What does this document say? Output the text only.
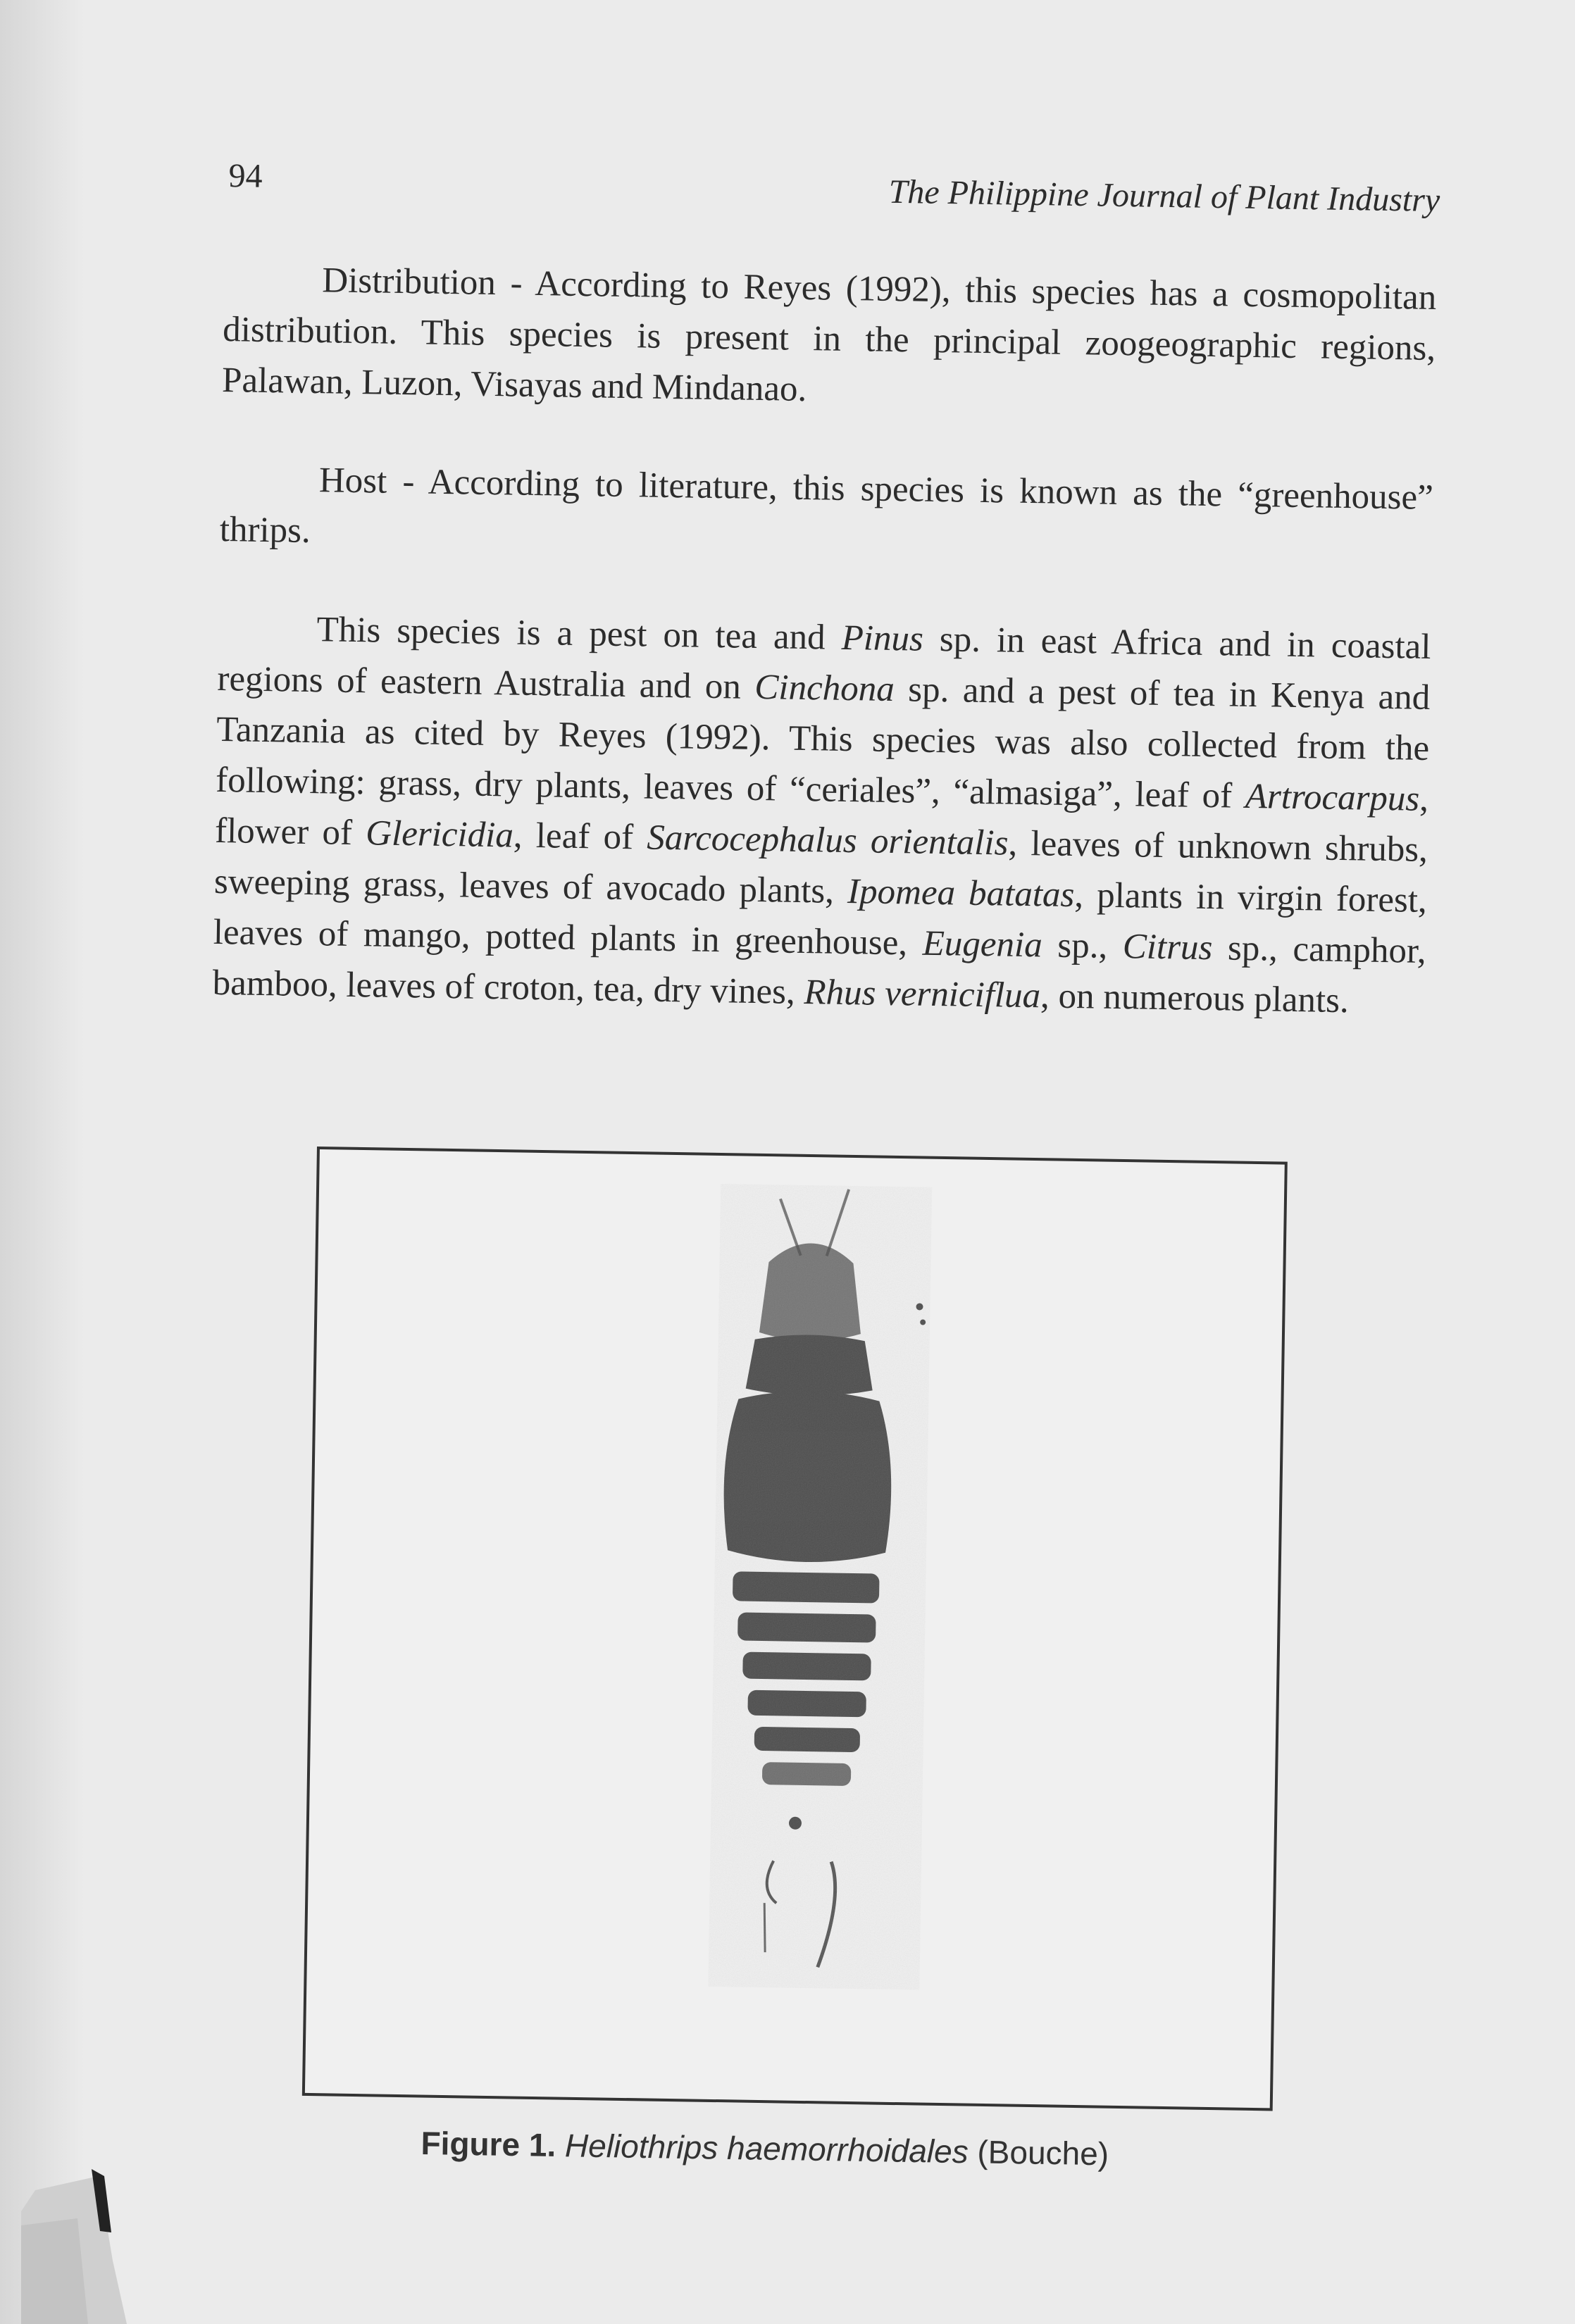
94	The Philippine Journal of Plant Industry

Distribution - According to Reyes (1992), this species has a cosmopolitan distribution. This species is present in the principal zoogeographic regions, Palawan, Luzon, Visayas and Mindanao.

Host - According to literature, this species is known as the “greenhouse” thrips.

This species is a pest on tea and Pinus sp. in east Africa and in coastal regions of eastern Australia and on Cinchona sp. and a pest of tea in Kenya and Tanzania as cited by Reyes (1992). This species was also collected from the following: grass, dry plants, leaves of “ceriales”, “almasiga”, leaf of Artrocarpus, flower of Glericidia, leaf of Sarcocephalus orientalis, leaves of unknown shrubs, sweeping grass, leaves of avocado plants, Ipomea batatas, plants in virgin forest, leaves of mango, potted plants in greenhouse, Eugenia sp., Citrus sp., camphor, bamboo, leaves of croton, tea, dry vines, Rhus verniciflua, on numerous plants.

Figure 1. Heliothrips haemorrhoidales (Bouche)
